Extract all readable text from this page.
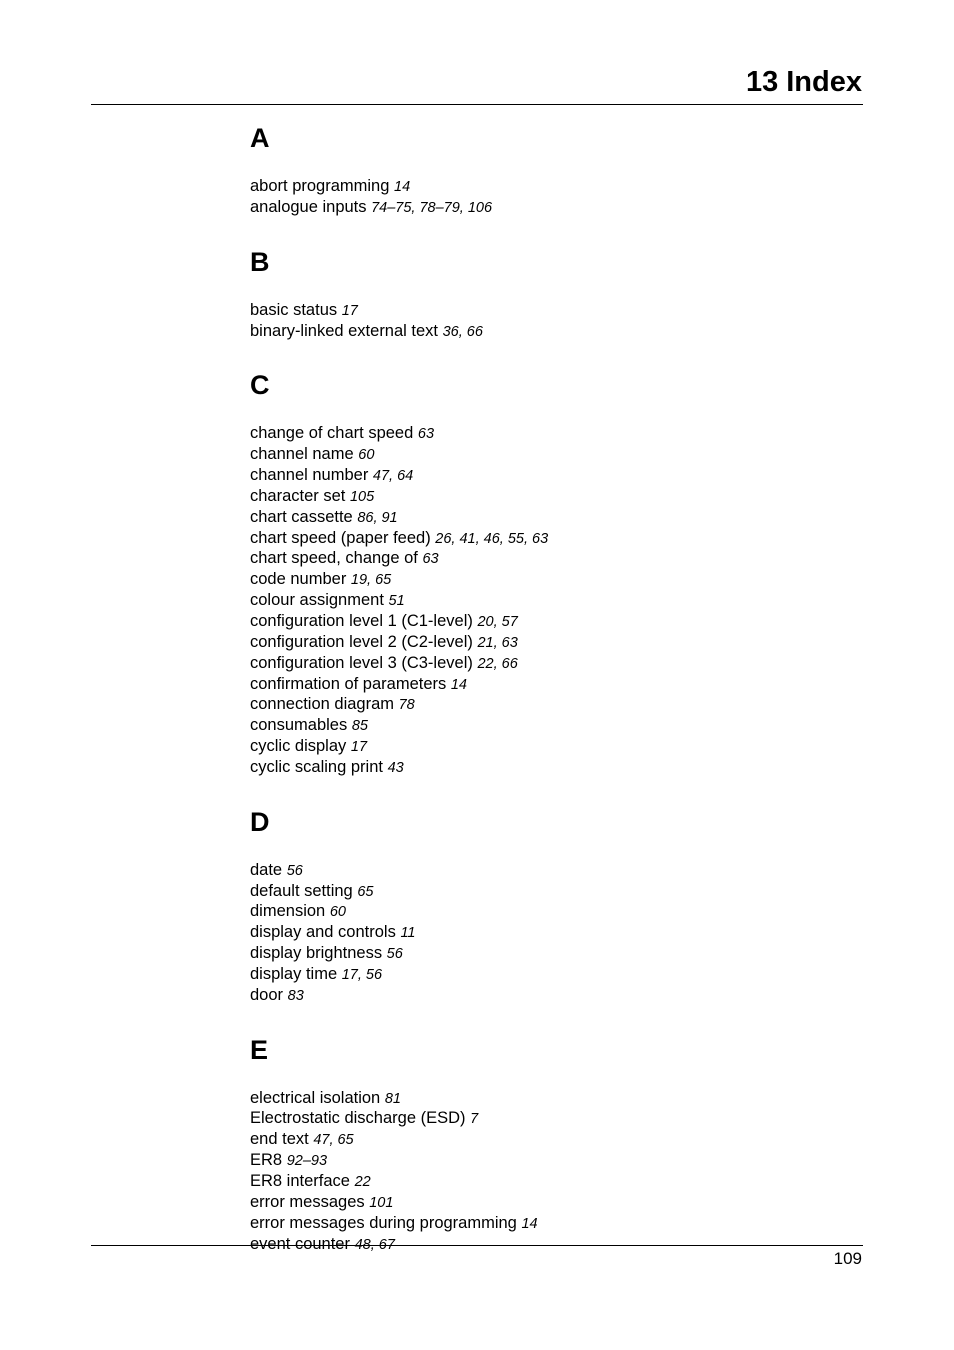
13 Index
A
abort programming 14
analogue inputs 74–75, 78–79, 106
B
basic status 17
binary-linked external text 36, 66
C
change of chart speed 63
channel name 60
channel number 47, 64
character set 105
chart cassette 86, 91
chart speed (paper feed) 26, 41, 46, 55, 63
chart speed, change of 63
code number 19, 65
colour assignment 51
configuration level 1 (C1-level) 20, 57
configuration level 2 (C2-level) 21, 63
configuration level 3 (C3-level) 22, 66
confirmation of parameters 14
connection diagram 78
consumables 85
cyclic display 17
cyclic scaling print 43
D
date 56
default setting 65
dimension 60
display and controls 11
display brightness 56
display time 17, 56
door 83
E
electrical isolation 81
Electrostatic discharge (ESD) 7
end text 47, 65
ER8 92–93
ER8 interface 22
error messages 101
error messages during programming 14
event counter 48, 67
109
